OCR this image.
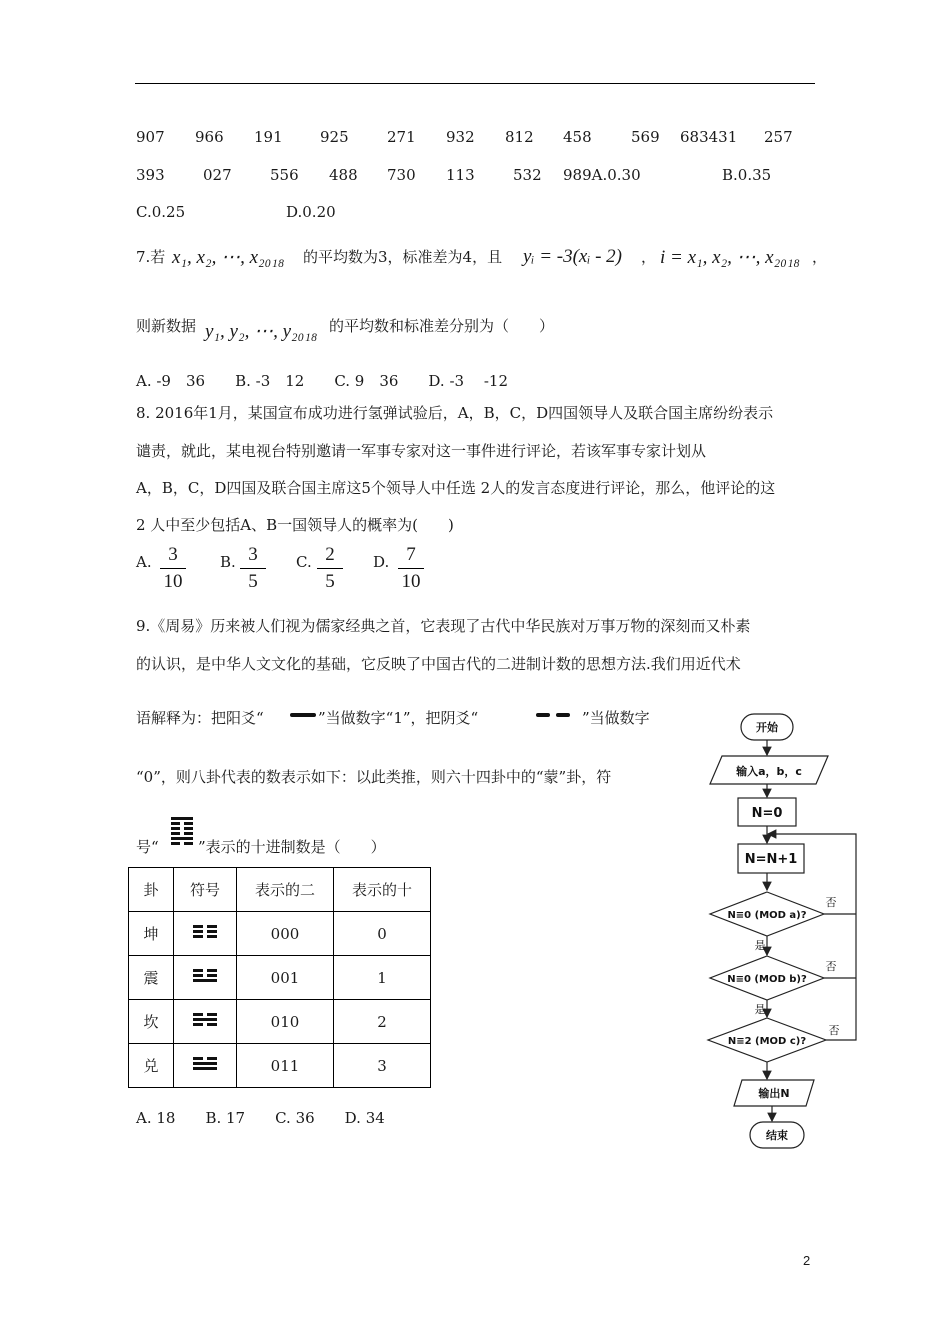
907 966 191 925	271 932 812 458	569 683431 257
393	027	556 488 730 113	532 989A.0.30	B.0.35
C.0.25	D.0.20
7.若 x₁, x₂, ⋯, x₂₀₁₈ 的平均数为3，标准差为4，且 yᵢ = -3(xᵢ - 2) ， i = x₁, x₂, ⋯, x₂₀₁₈ ，
则新数据 y₁, y₂, ⋯, y₂₀₁₈ 的平均数和标准差分别为（　　）
A. -9　36　　B. -3　12　　C. 9　36　　D. -3　 -12
8. 2016年1月，某国宣布成功进行氢弹试验后，A，B，C，D四国领导人及联合国主席纷纷表示
谴责，就此，某电视台特别邀请一军事专家对这一事件进行评论，若该军事专家计划从
A，B，C，D四国及联合国主席这5个领导人中任选 2人的发言态度进行评论，那么，他评论的这
2 人中至少包括A、B一国领导人的概率为(　　)
A. $\frac{3}{10} B$. $\frac{3}{5} C$. $\frac{2}{5} D$. $\frac{7}{10}$
9.《周易》历来被人们视为儒家经典之首，它表现了古代中华民族对万事万物的深刻而又朴素
的认识，是中华人文文化的基础，它反映了中国古代的二进制计数的思想方法.我们用近代术
语解释为：把阳爻“	”当做数字“1”，把阴爻“	”当做数字
“0”，则八卦代表的数表示如下：以此类推，则六十四卦中的“蒙”卦，符
号“	”表示的十进制数是（　　）
卦	符号	表示的二	表示的十
坤		000	0
震		001	1
坎		010	2
兑		011	3
A. 18　　B. 17　　C. 36　　D. 34
开始
输入a，b，c
N=0
N=N+1
N≡0 (MOD a)?
N≡0 (MOD b)?
N≡2 (MOD c)?
输出N
结束
是
是
否
否
否
2
